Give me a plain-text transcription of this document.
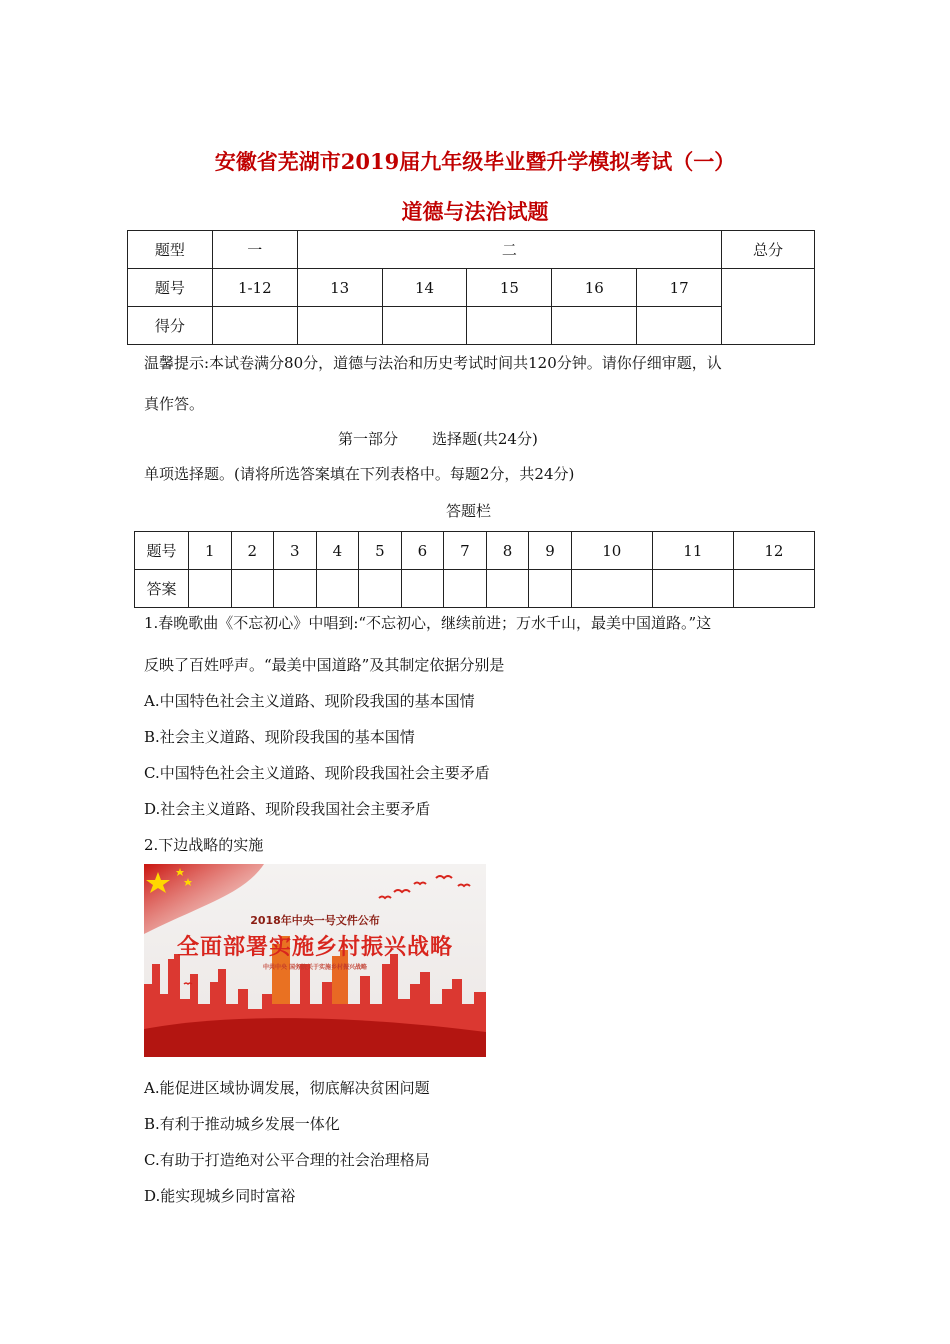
安徽省芜湖市2019届九年级毕业暨升学模拟考试（一）
道德与法治试题
题型	一	二					总分
题号	1-12	13	14	15	16	17	
得分							
温馨提示:本试卷满分80分，道德与法治和历史考试时间共120分钟。请你仔细审题，认
真作答。
第一部分 选择题(共24分)
单项选择题。(请将所选答案填在下列表格中。每题2分，共24分)
答题栏
题号	1	2	3	4	5	6	7	8	9	10	11	12
答案												
1.春晚歌曲《不忘初心》中唱到:“不忘初心，继续前进；万水千山，最美中国道路。”这
反映了百姓呼声。“最美中国道路”及其制定依据分别是
A.中国特色社会主义道路、现阶段我国的基本国情
B.社会主义道路、现阶段我国的基本国情
C.中国特色社会主义道路、现阶段我国社会主要矛盾
D.社会主义道路、现阶段我国社会主要矛盾
2.下边战略的实施
2018年中央一号文件公布
全面部署实施乡村振兴战略
中共中央 国务院关于实施乡村振兴战略
A.能促进区域协调发展，彻底解决贫困问题
B.有利于推动城乡发展一体化
C.有助于打造绝对公平合理的社会治理格局
D.能实现城乡同时富裕
